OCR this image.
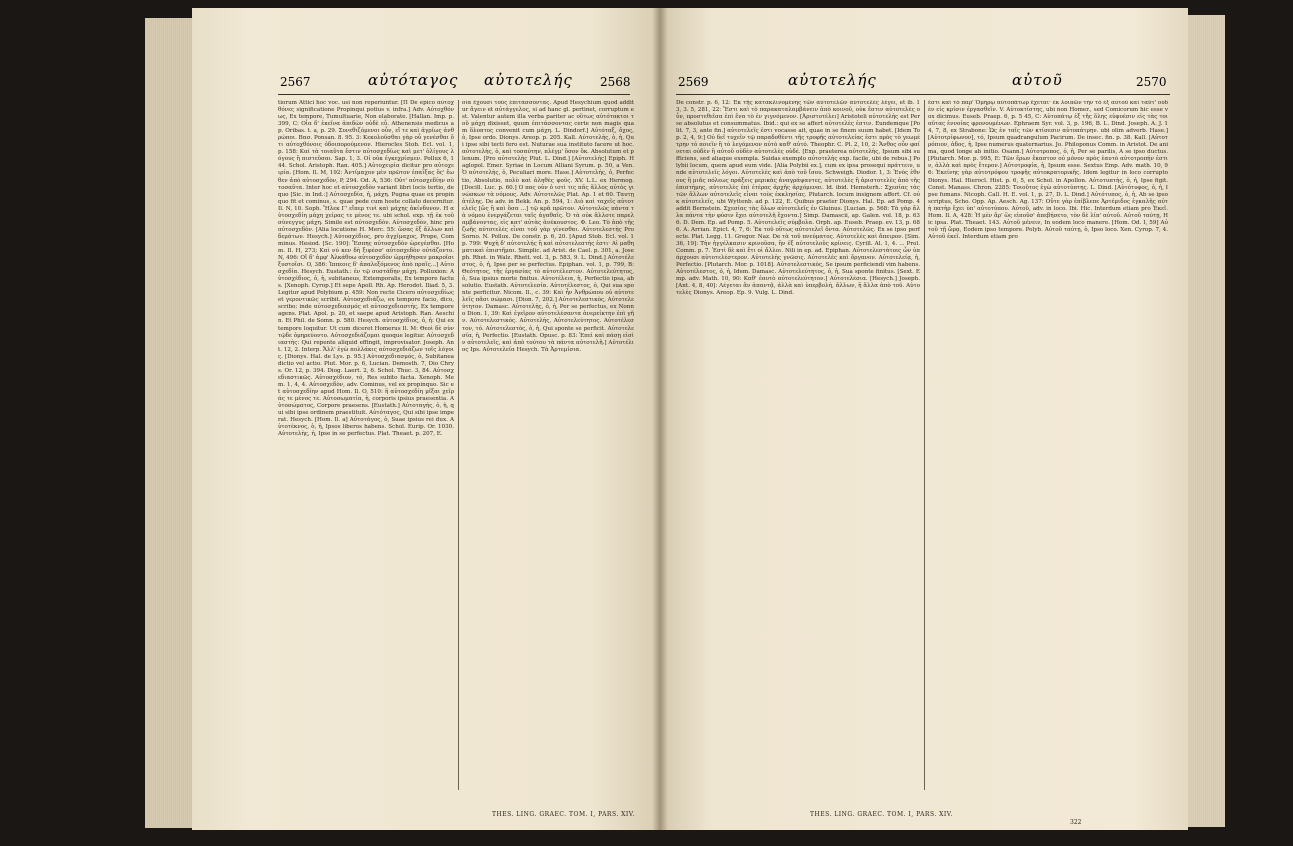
2567	αὐτόταγος αὐτοτελής 2568
tiorum Attici hoc voc. usi non reperiuntur. [Π De epico αὐτοχθόνες significatione Propinqui potius v. infra.] Adv. Αὐτοχθόνως, Ex tempore, Tumultuarie, Non elaborate. [Hallan. Imp. p. 399, C: Οἷα δ' ἐκεῖνα ἀπιδὼν οὐδὲ εὖ. Athenensis medicus ap. Oribas. t. a, p. 29. Συνεθιζόμενοι οὖν, εἴ τε καὶ ἀγρίως ἀνθρώποι. Βασ. Ponsan. 8. 95. 3: Κεκολοῦσθαι γὰρ οὖ γενέσθαι ὄτι αὐτοχθόνοις ὁδοιπορούμενον. Hierocles Stob. Ecl. vol. 1, p. 158: Καὶ τὰ τοιαῦτα ἔστιν αὐτοσχεδίως καὶ μετ' ὀλίγους λόγους ἢ πιστεῦσαι. Sap. 1, 3. Οἱ οὐκ ἐγκεχρίσμεν. Pollux 6, 144. Schol. Aristoph. Ran. 405.] Αὐτοχειρία dicitur pro αὐτοχειρία. [Hom. Il. M, 192: Ἀντίμαχον μὲν πρῶτον ἐπαΐξας ὅς' ἔωθεν ἀπὸ αὐτοσχεδὸν, P, 294. Od. A, 536: Οὐτ' αὐτοσχεδίην σὺ τοσαῦτα. Inter hoc et αὐτοσχεδὸν variant libri locis tertio, de quo [Sic. in Ind.:] Αὐτοσχεδία, ἡ, μάχη. Pugna quae ex propinquo fit et cominus, s. quae pede cum hoste collato decernitur. Il. N, 10. Soph. Ἤλεκ Γ' εἴπερ τινὶ καὶ μάχης ἀκίνδυνον. Η αὐτοσχεδίη μάχη χείρας τε μένος τε. ubi schol. exp. τῇ ἐκ τοῦ σύνεγγυς μάχη. Simile est αὐτοσχεδὸν. Αὐτοσχεδὸν, hinc pro αὐτοσχεδὸν. [Alia locutione H. Merc. 55: ὥσας ἐξ ἄλλων καὶ δεμάτων. Hesych.] Αὐτοσχέδιος, pro ἀγχίμαχος, Prope, Comminus. Hesiod. [Sc. 190]: Ἔσπης αὐτοσχεδὸν ὡρεγέσθαι. [Hom. Il. H, 273; Καὶ νύ κεν δὴ ξιφέσσ' αὐτοσχεδὸν οὐτάζοντο. N, 496: Οἳ δ' ἀμφ' Ἀλκάθοω αὐτοσχεδὸν ὠρμήθησαν μακροῖσι ξυστοῖσι. O, 386: Ἰππεοις δ' ἀπαλεξόμενος ἀπὸ πραῖς...] Αὐτοσχεδία. Hesych. Eustath.: ἐν τῷ συστάδην μάχη. Polluxion: Αὐτοσχέδιος, ὁ, ἡ, subitaneus, Extemporalis, Ex tempore factus. [Xenoph. Cyrop.] Et sepe Apoll. Rh. Ap. Herodot. Iliad. 5, 3. Legitur apud Polybium p. 459: Non recte Cicero αὐτοσχεδίως et γεροντικῶς scribit. Αὐτοσχεδιάζω, ex tempore facio, dico, scribo; inde αὐτοσχεδιασμός et αὐτοσχεδιαστής, Ex tempore agens. Plat. Apol. p. 20, et saepe apud Aristoph. Ran. Aeschin. Et Phil. de Somn. p. 580. Hesych. αὐτοσχέδιος, ὁ, ἡ: Qui ex tempore loquitur. Ut cum diceret Homerus Il. M: Θεοὶ δὲ σὺν τῷδε ὁμηρεύοντο. Αὐτοσχεδιάζομαι quoque legitur. Αὐτοσχεδιαστὴς: Qui repente aliquid effingit, improvisator. Joseph. Ant. 12, 2. Interp. Ἄλλ' ἐγὼ πολλάκις αὐτοσχεδιάζων τοῖς λόγοις. [Dionys. Hal. de Lys. p. 95.] Αὐτοσχεδιασμός, ὁ, Subitanea dictio vel actio. Plut. Mor. p. 6, Lucian. Demosth. 7, Dio Chrys. Or. 12, p. 394. Diog. Laert. 2, 6. Schol. Thuc. 3, 84. Αὐτοσχεδιαστικῶς. Αὐτοσχέδιον, τό, Res subito facta. Xenoph. Mem. 1, 4, 4. Αὐτοσχεδὸν, adv. Cominus, vel ex propinquo. Sic et αὐτοσχεδίην apud Hom. Il. O, 510: ἢ αὐτοσχεδίη μῖξαι χεῖράς τε μένος τε. Αὐτοσωματία, ἡ, corporis ipsius praesentia. Αὐτοσώματος, Corpore praesens. [Eustath.] Αὐτοταγής, ὁ, ἡ, qui sibi ipse ordinem praestituit. Αὐτόταγος, Qui sibi ipse imperat. Hesych. [Hom. Il. a] Αὐτοτάγος, ὁ, Suae ipsius rei dux. Αὐτοτέκνος, ὁ, ἡ, Ipsos liberos habens. Schol. Eurip. Or. 1030. Αὐτοτελὴς, ἡ, Ipse in se perfectus. Plat. Theaet. p. 207, E.
οἷα ἔχουσι τοὺς ἐπιτάσσοντας. Apud Hesychium quod additur ἄγειν et αὐτάγγελος, si ad hanc gl. pertinet, corruptum est. Valentur autem illa verba pariter ac οὕτως αὐτότακτοι τοῦ μάχη dixisset, quum ἐπιτάσσοντας certe non magis quam ὅλοπτος convenit cum μάχη. L. Dindorf.] Αὐτόταξ, ὄχος, ὁ, Ipse ordo. Dionys. Areop. p. 205. Kall. Αὐτοτελής, ὁ, ἡ, Qui ipse sibi tecti fero est. Nuturae sua instituto facere ut hoc. αὐτοτελὴς, ὁ, καὶ τοσαύτην, πλέγμ' ὅσον ὅκ. Absolutum et plenum. [Pro αὐτοτελὴς Plut. L. Dind.] [Αὐτοτελής] Epiph. Haglopol. Emer. Syriae in Locum Alliani Syrum. p. 50, a Ven. Ὁ αὐτοτελὴς, ὁ, Peculiari more. Hase.] Αὐτοτελής, ὁ, Perfectio, Absolutio, πολὺ καὶ ἀληθὲς φοῦς. XV. L.L. ex Hermog. [Docill. Luc. p. 60.] Ο πας οὐν ὁ ιοτὶ τις πᾶς ἄλλος αὐτὸς γινώσκων τὰ νόμους. Adv. Αὐτοτελῶς Plat. Ap. 1 et 60. Ταυτῃ ἀτέλης. De adv. in Bekk. An. p. 594, 1: Διὸ καὶ ταχεῖς αὐτοτελεῖς [ὥς ἢ καὶ ὅσα ...] τῷ κρᾶ πρῶτον. Αὐτοτελῶς πάντα τὰ νόμου ἐνεργάζεται ταῖς ἀγαθαῖς. Ὁ τὰ οὐκ ἄλλοτε παρελαμβάνοντας, εἰς κατ' αὐτὰς ἀνέκουστος. Φ. Leo. Τὸ ἀπὸ τῆς ζωῆς αὐτοτελὲς εἶναι τοῦ γὰρ γίνεσθαι. Αὐτοτελεστὴς Pro Sorno. N. Pollux. De constr. p. 6, 20. [Apud Stob. Ecl. vol. 1 p. 799: Ψυχὴ δ' αὐτοτελής ἢ καὶ αὐτοτελεστὴς ἐστι· Αἱ μαθηματικαὶ ἐπιστῆμαι. Simplic. ad Arist. de Cael. p. 301, a. Joseph. Rhet. in Walz. Rhett. vol. 3, p. 583, 9. L. Dind.] Αὐτοτέλεστος, ὁ, ἡ, Ipse per se perfectus. Epiphan. vol. 1, p. 799, B: Θεότητος, τῆς ἐργασίας τὸ αὐτοτέλεστον. Αὐτοτελεύτητος, ὁ, Sua ipsius morte finitus. Αὐτοτέλεια, ἡ, Perfectio ipsa, absolutio. Eustath. Αὐτοτελεσία. Αὐτοτέλεστος, ὁ, Qui sua sponte perficitur. Nicom. Il., c. 39: Καὶ ἦν Ἀνθρώπου οὐ αὐτοτελεῖς πᾶσι σώμασι. [Dion. 7, 202.] Αὐτοτελεστικὸς, Αὐτοτελεύτητον. Damasc. Αὐτοτελὴς, ὁ, ἡ, Per se perfectus, ex Nonno Dion. 1, 39: Καὶ ἐγεῖρον αὐτοτελέσαντα ἀνερείκτην ἐπὶ γῆν. Αὐτοτελεστικός. Αὐτοτελὴς, Αὐτοτελεύτητος. Αὐτοτέλεστον, τό. Αὐτοτελεστὸς, ὁ, ἡ, Qui sponte se perficit. Αὐτοτελεσία, ἡ, Perfectio. [Eustath. Opusc. p. 83: Ἐπεὶ καὶ πάσῃ εἰσὶν αὐτοτελεῖς, καὶ ἀπὸ τούτου τὰ πάντα αὐτοτελῆ.] Αὐτοτέλιος Ips. Αὐτοτελεία Hesych. Tὰ Ἀρτεμίσια.
THES. LING. GRAEC. TOM. I, PARS. XIV.
2569	αὐτοτελής	αὐτοῦ	2570
De constr. p. 6, 12: Ἐκ τῆς κατακλινομένης τῶν αὐτοτελῶν αὐτοτελὲς λέγει, et ib. 13, 3. 5, 281, 22: Ἔστι καὶ τὸ παρακαταλαμβάνειν ἀπὸ κοινοῦ, οὐκ ἔστιν αὐτοτελὲς οὖν, προστεθεῖσα ἐπὶ ἕνα τὸ ἐν γιγνόμενον. [Ἀριστοτέλει] Aristoteli αὐτοτελὴς est Per se absolutus et consummatus. Ibid.: qui ex se affert αὐτοτελὲς ἐστιν. Eundemque [Polit. 7, 3, ante fin.] αὐτοτελεῖς ἐστι vocasse ait, quae in se finem suum habet. [Idem Top. 2, 4, 9:] Οὐ δεῖ τυχεῖν τῷ παραδοθέντι τῆς τροφῆς αὐτοτελείας ἐστι πρὸς τὸ γεωμέτρην τὸ ποιεῖν ἢ τὸ λεγόμενον αὐτὸ καθ' αὑτό. Theophr. C. Pl. 2, 10, 2: Ἄνθος οὖν φαίνεται οὐδὲν ἢ αὐτοῦ οὐδὲν αὐτοτελὲς οὐδέ. [Exp. praeterea αὐτοτελὴς, Ipsum sibi sufficiens, sed aliaque exempla. Suidas exemplo αὐτοτελὴς exp. facile, ubi de rebus.] Polybii locum, quem apud eum vide. [Alia Polybii ex.], cum ex ipsa prosequi πράττειν, unde αὐτοτελεῖς λόγοι. Αὐτοτελὲς καὶ ἀπὸ τοῦ ἴσου. Schweigh. Diodor. 1, 3: Ἐνὸς ἐθνους ἢ μιᾶς πόλεως πράξεις μερικὰς ἀναγράψαντες, αὐτοτελὲς ἢ ἀριστοτελὲς ἀπὸ τῆς ἐπιστήμης, αὐτοτελὲς ἐπὶ ἑτέρας ἀρχῆς ἀρχόμεναι. Id. ibid. Hemsterh.: Σχεσίας τὰς τῶν ἄλλων αὐτοτελεῖς εἶναι τοὺς ἐκκλησίας. Plutarch. locum insignem affert. Cf. οὐκ αὐτοτελεῖς, ubi Wyttenb. ad p. 122, E. Quibus praeter Dionys. Hal. Ep. ad Pomp. 4 addit Bernstein. Σχεσίας τὰς ὅλων αὐτοτελεῖς ἐν Gluinus. [Lucian. p. 568: Τὰ γὰρ ἄλλα πάντα τὴν φύσιν ἔχει αὐτοτελῆ ἔχοντα.] Simp. Damascii, ap. Galen. vol. 18, p. 636. D. Dem. Ep. ad Pomp. 5. Αὐτοτελεῖς σύμβολα. Orph. ap. Euseb. Praep. ev. 13, p. 686. A. Arrian. Epict. 4, 7, 6: Ἐκ τοῦ οὕτως αὐτοτελεῖ ὄντα. Αὐτοτελῶς. Ex se ipso perfecte. Plat. Legg. 11. Gregor. Naz. De τὰ τοῦ πνεύματος. Αὐτοτελὲς καὶ ἄπειρον. [Sim. 36, 19]: Τὴν ἠγγέλκασιν κρινοῦσα, ἢν ἐξ αὐτοτελοῦς κρίνεις. Cyrill. Al. 1, 4. ... Prol. Comm. p. 7. Ἐστὶ δὲ καὶ ἔτι οἱ ἄλλοι. Nili in ep. ad. Epiphan. Αὐτοτελεστάτοις ὧν ὑπάρχουσι αὐτοτελέστερον. Αὐτοτελὴς γνῶσις. Αὐτοτελὲς καὶ ὄργανον. Αὐτοτελείᾳ, ἡ, Perfectio. [Plutarch. Mor. p. 1018]. Αὐτοτελεστικὸς, Se ipsum perficiendi vim habens. Αὐτοτέλεστος, ὁ, ἡ, Idem. Damasc. Αὐτοτελεύτητος, ὁ, ἡ, Sua sponte finitus. [Sext. Emp. adv. Math. 10, 90: Καθ' ἐαυτὸ αὐτοτελεύτητον.] Αὐτοτελέσια. [Hesych.] Joseph. [Ant. 4, 8, 40]: Λέγεται ἂν ἀπαντᾷ, ἀλλὰ καὶ ὑπερβολὴ, ἄλλων, ἢ ἄλλα ἀπὸ τοῦ. Αὐτοτελὲς Dionys. Areop. Ep. 9. Vulg. L. Dind.
ἔστι καὶ τὸ παρ' Ὁμήρῳ αὐτοπάτωρ ἔχεται· ἐκ λοιπῶν τὴν τὸ ἐξ αὐτοῦ καὶ ταῦτ' οὐδὲν εἰς κρίσιν ἐργασθεῖν. V. Αὐτοκτίστης, ubi non Homer., sed Comicorum hic esse vox dicimus. Euseb. Praep. 6, p. 5 45, C: Αὐτοπάτῳ ἐξ τῆς ὅλης εὐφυέσιν εἰς τὰς τοιαῦτας ἐννοίας φρονουμένων. Ephraem Syr. vol. 3, p. 196, B. L. Dind. Joseph. A. J. 14, 7, 8, ex Strabone: Ὡς ἐν ταῖς τῶν κτίσεσιν αὐτοπάτρην. ubi olim adverb. Hase.] [Αὐτοτρίφωνον], τό, Ipsum quadrangulum Pacirum. De insec. fin. p. 38. Kall. [Αὐτοτρόπιον, ἀδος, ἡ, Ipse numerus quaternarius. Jo. Philoponus Comm. in Aristot. De anima, quod longe ab initio. Osann.] Αὐτοτροπος, ὁ, ἡ, Per se parilis, A se ipso ductus. [Plutarch. Mor. p. 995, E: Τῶν ἔρων ἕκαστον οὐ μόνον πρὸς ἑαυτὸ αὐτοτροπήν ἐστιν, ἀλλὰ καὶ πρὸς ἕτερον.] Αὐτοτροφία, ἡ, Ipsum esse. Sextus Emp. Adv. math. 10, 96: Ἐκείνης γὰρ αὐτοτρόφου τροφῆς αὐτοκρατορικῆς. Idem legitur in loco corrupto Dionys. Hal. Hierocl. Hist. p. 6, 5, ex Schol. in Apollon. Αὐτοτυπτὴς, ὁ, ἡ, Ipse figit. Const. Manass. Chron. 2285: Τοιοῦτος ἐγὼ αὐτοτύπτης. L. Dind. [Αὐτότυφος, ὁ, ἡ, Ipse fumans. Nicoph. Call. H. E. vol. 1, p. 27, D. L. Dind.] Αὐτότυπος, ὁ, ἡ, Ab se ipso scriptus, Scho. Opp. Ap. Aesch. Ag. 137: Οὔτε γὰρ ἐπίβλεπε Ἀρτέμιδος ἐγκαλῆς αὐτὴ πατὴρ ἔχει ὑπ' αὐτοτύπου. Αὐτοῦ, adv. in loco. Ibi. Hic. Interdum etiam pro Ἐκεῖ. Hom. Il. A, 428: Ἡ μὲν ἄρ' ὣς εἰποῦσ' ἀπεβήσετο, τὸν δὲ λίπ' αὐτοῦ. Αὐτοῦ ταύτῃ, Hic ipsa. Plat. Theaet. 143. Αὐτοῦ μένειν, In eodem loco manere. [Hom. Od. Ι, 59] Αὐτοῦ τῇ ὥρᾳ, Eodem ipso tempore. Polyb. Αὐτοῦ ταύτῃ, ὁ, Ipso loco. Xen. Cyrop. 7, 4. Αὐτοῦ ἐκεῖ. Interdum etiam pro
THES. LING. GRAEC. TOM. I, PARS. XIV.
322
